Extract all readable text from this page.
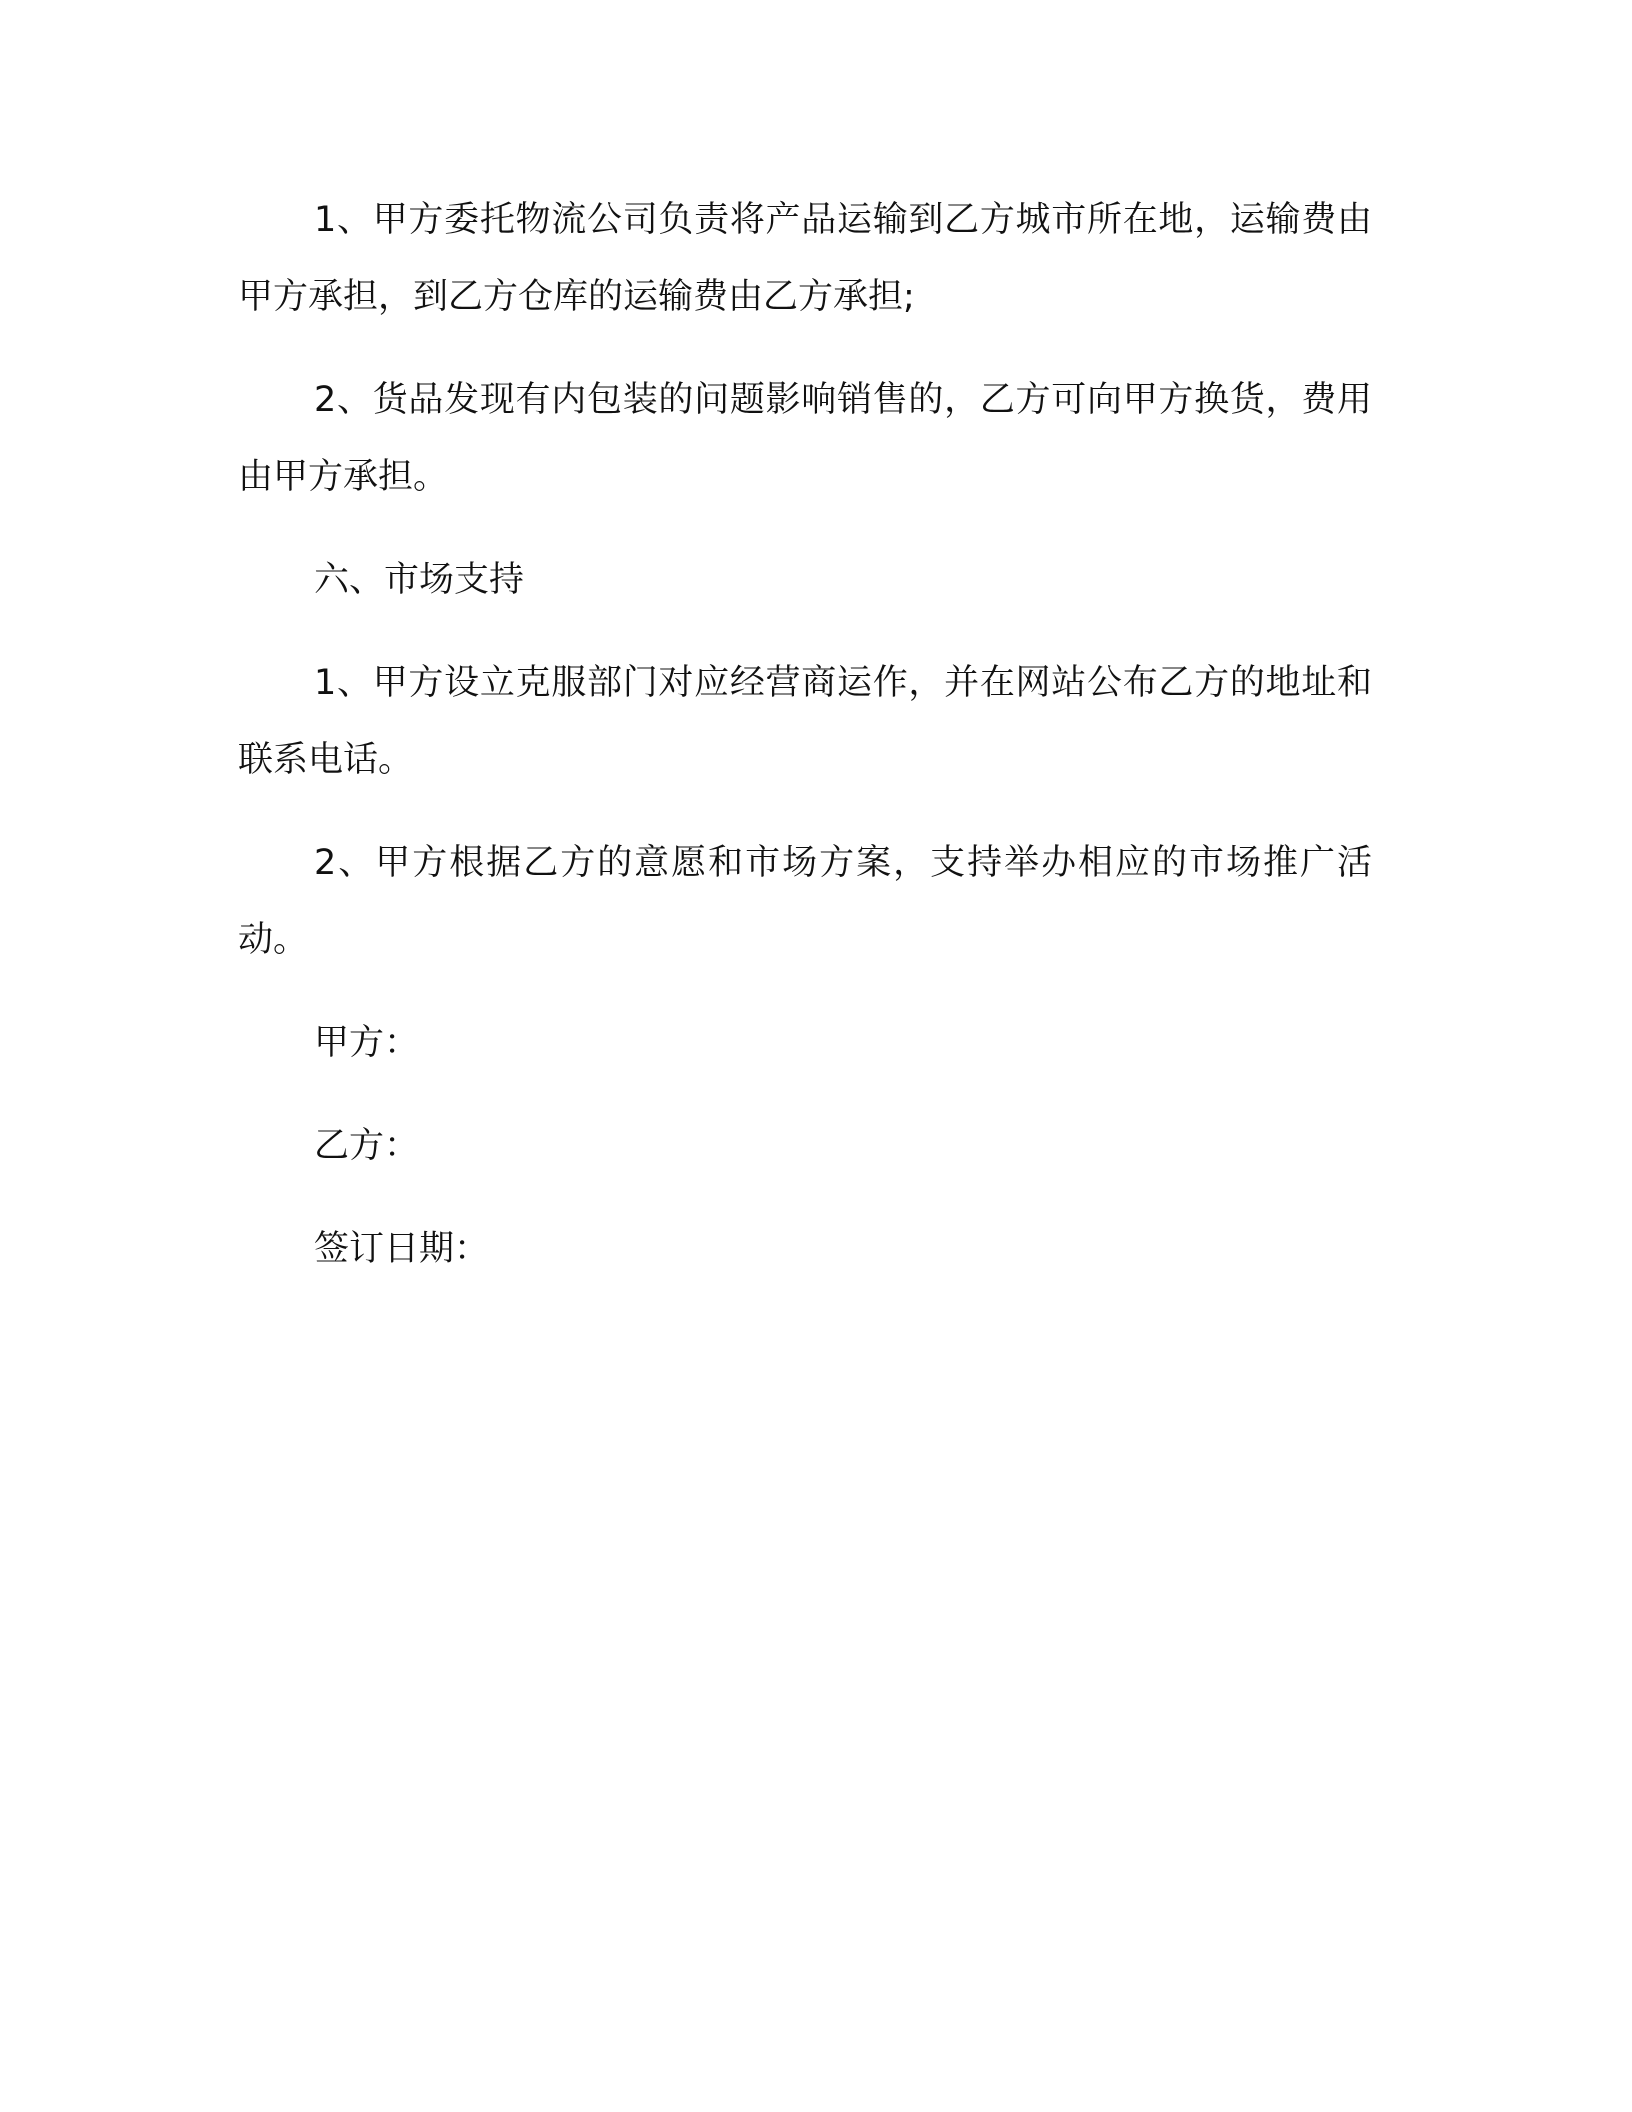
1、甲方委托物流公司负责将产品运输到乙方城市所在地，运输费由甲方承担，到乙方仓库的运输费由乙方承担;

2、货品发现有内包装的问题影响销售的，乙方可向甲方换货，费用由甲方承担。

六、市场支持

1、甲方设立克服部门对应经营商运作，并在网站公布乙方的地址和联系电话。

2、甲方根据乙方的意愿和市场方案，支持举办相应的市场推广活动。

甲方：

乙方：

签订日期：
